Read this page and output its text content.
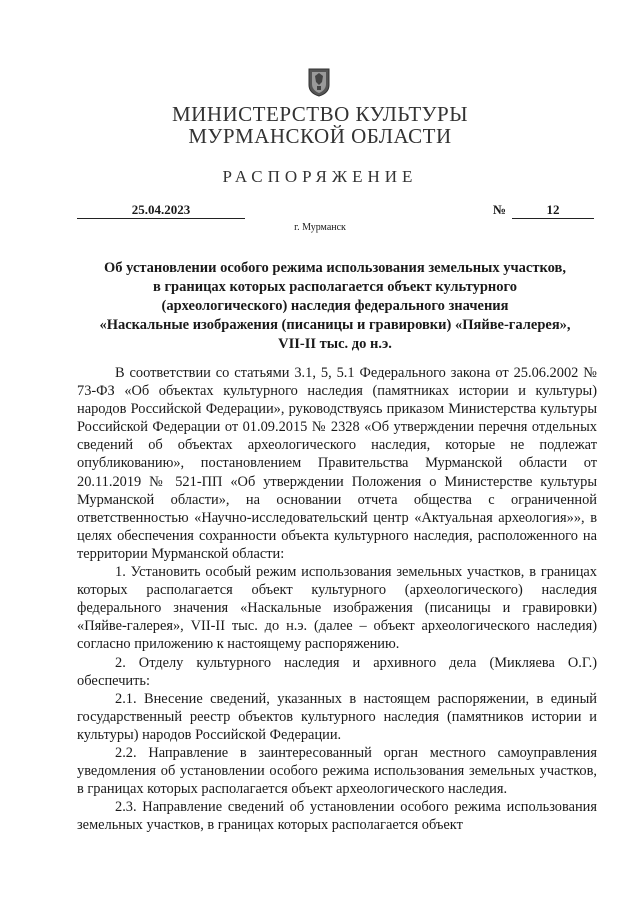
МИНИСТЕРСТВО КУЛЬТУРЫ
МУРМАНСКОЙ ОБЛАСТИ
РАСПОРЯЖЕНИЕ
25.04.2023	№	12
г. Мурманск
Об установлении особого режима использования земельных участков,
в границах которых располагается объект культурного
(археологического) наследия федерального значения
«Наскальные изображения (писаницы и гравировки) «Пяйве-галерея»,
VII-II тыс. до н.э.

В соответствии со статьями 3.1, 5, 5.1 Федерального закона от 25.06.2002 № 73-ФЗ «Об объектах культурного наследия (памятниках истории и культуры) народов Российской Федерации», руководствуясь приказом Министерства культуры Российской Федерации от 01.09.2015 № 2328 «Об утверждении перечня отдельных сведений об объектах археологического наследия, которые не подлежат опубликованию», постановлением Правительства Мурманской области от 20.11.2019 № 521-ПП «Об утверждении Положения о Министерстве культуры Мурманской области», на основании отчета общества с ограниченной ответственностью «Научно-исследовательский центр «Актуальная археология»», в целях обеспечения сохранности объекта культурного наследия, расположенного на территории Мурманской области:

1. Установить особый режим использования земельных участков, в границах которых располагается объект культурного (археологического) наследия федерального значения «Наскальные изображения (писаницы и гравировки) «Пяйве-галерея», VII-II тыс. до н.э. (далее – объект археологического наследия) согласно приложению к настоящему распоряжению.

2. Отделу культурного наследия и архивного дела (Микляева О.Г.) обеспечить:

2.1. Внесение сведений, указанных в настоящем распоряжении, в единый государственный реестр объектов культурного наследия (памятников истории и культуры) народов Российской Федерации.

2.2. Направление в заинтересованный орган местного самоуправления уведомления об установлении особого режима использования земельных участков, в границах которых располагается объект археологического наследия.

2.3. Направление сведений об установлении особого режима использования земельных участков, в границах которых располагается объект
